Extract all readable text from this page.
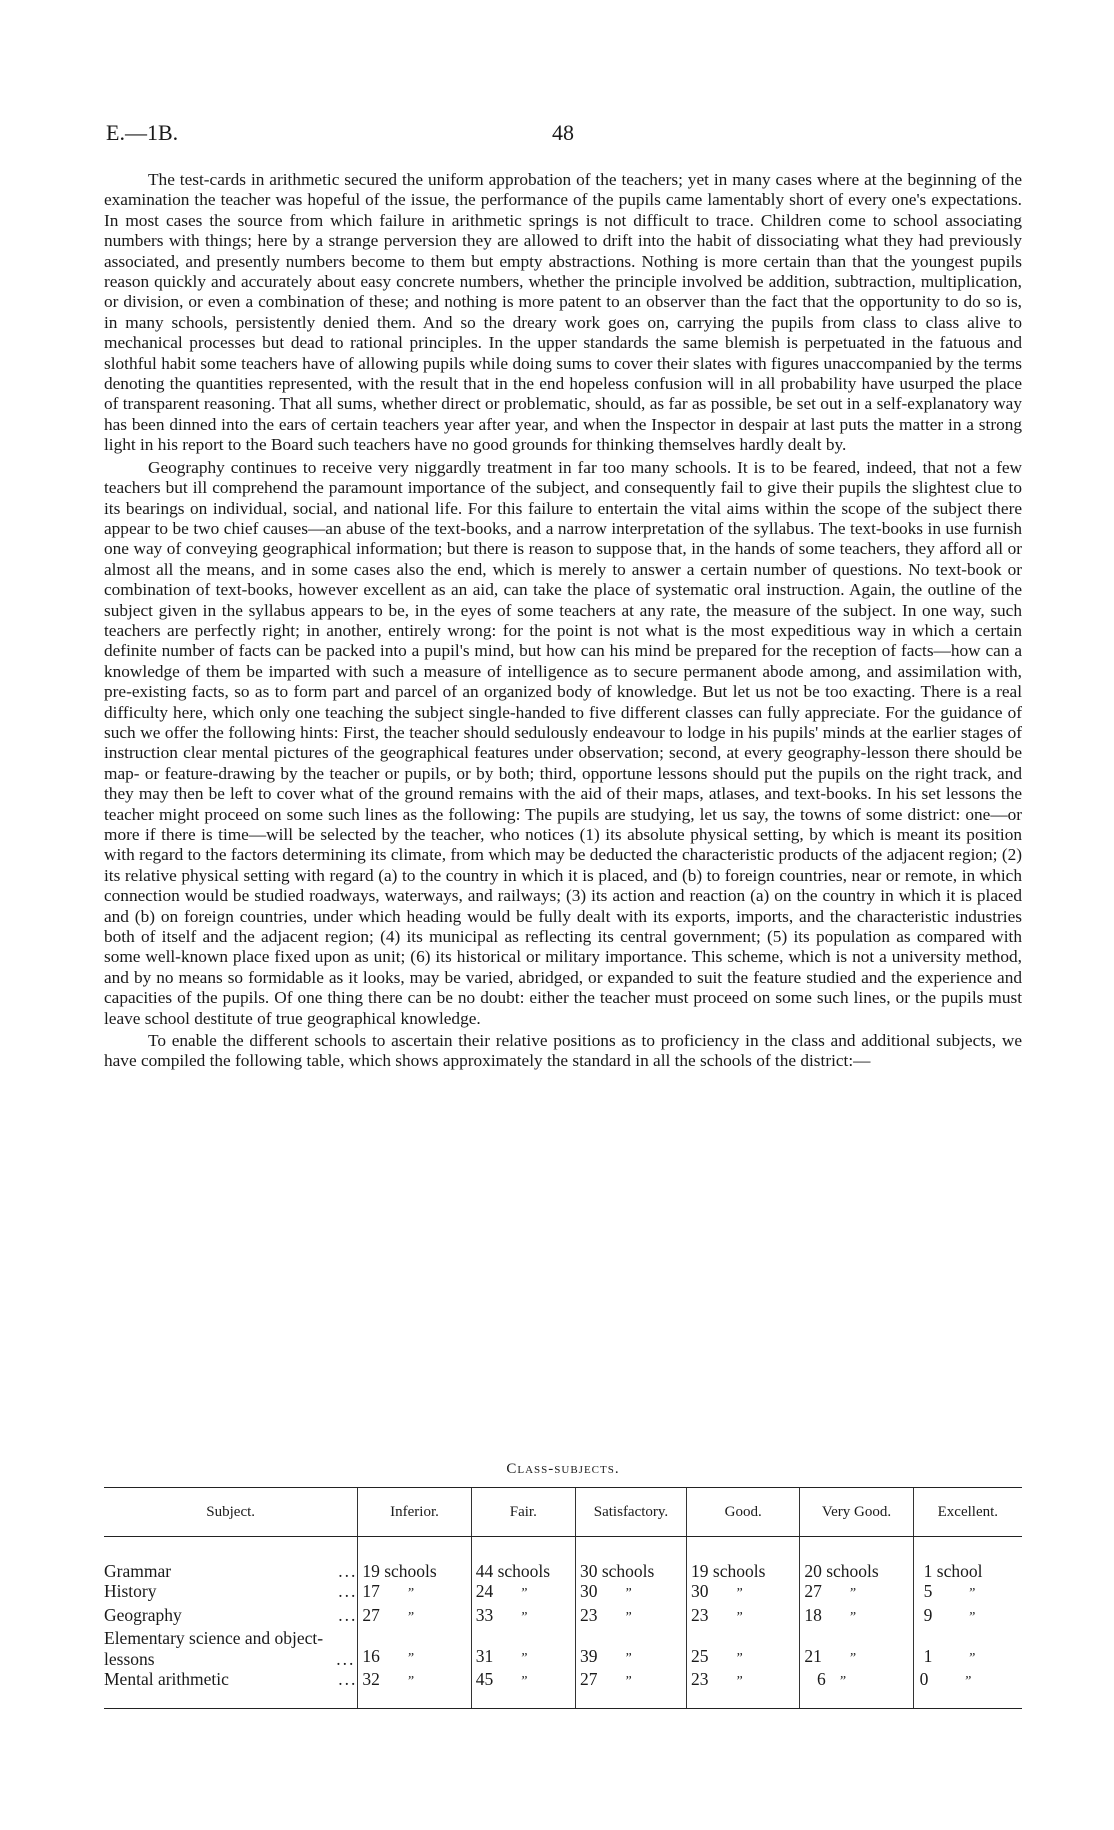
E.—1B.	48

The test-cards in arithmetic secured the uniform approbation of the teachers; yet in many cases where at the beginning of the examination the teacher was hopeful of the issue, the performance of the pupils came lamentably short of every one's expectations. In most cases the source from which failure in arithmetic springs is not difficult to trace. Children come to school associating numbers with things; here by a strange perversion they are allowed to drift into the habit of dissociating what they had previously associated, and presently numbers become to them but empty abstractions. Nothing is more certain than that the youngest pupils reason quickly and accurately about easy concrete numbers, whether the principle involved be addition, subtraction, multiplication, or division, or even a combination of these; and nothing is more patent to an observer than the fact that the opportunity to do so is, in many schools, persistently denied them. And so the dreary work goes on, carrying the pupils from class to class alive to mechanical processes but dead to rational principles. In the upper standards the same blemish is perpetuated in the fatuous and slothful habit some teachers have of allowing pupils while doing sums to cover their slates with figures unaccompanied by the terms denoting the quantities represented, with the result that in the end hopeless confusion will in all probability have usurped the place of transparent reasoning. That all sums, whether direct or problematic, should, as far as possible, be set out in a self-explanatory way has been dinned into the ears of certain teachers year after year, and when the Inspector in despair at last puts the matter in a strong light in his report to the Board such teachers have no good grounds for thinking themselves hardly dealt by.

Geography continues to receive very niggardly treatment in far too many schools. It is to be feared, indeed, that not a few teachers but ill comprehend the paramount importance of the subject, and consequently fail to give their pupils the slightest clue to its bearings on individual, social, and national life. For this failure to entertain the vital aims within the scope of the subject there appear to be two chief causes—an abuse of the text-books, and a narrow interpretation of the syllabus. The text-books in use furnish one way of conveying geographical information; but there is reason to suppose that, in the hands of some teachers, they afford all or almost all the means, and in some cases also the end, which is merely to answer a certain number of questions. No text-book or combination of text-books, however excellent as an aid, can take the place of systematic oral instruction. Again, the outline of the subject given in the syllabus appears to be, in the eyes of some teachers at any rate, the measure of the subject. In one way, such teachers are perfectly right; in another, entirely wrong: for the point is not what is the most expeditious way in which a certain definite number of facts can be packed into a pupil's mind, but how can his mind be prepared for the reception of facts—how can a knowledge of them be imparted with such a measure of intelligence as to secure permanent abode among, and assimilation with, pre-existing facts, so as to form part and parcel of an organized body of knowledge. But let us not be too exacting. There is a real difficulty here, which only one teaching the subject single-handed to five different classes can fully appreciate. For the guidance of such we offer the following hints: First, the teacher should sedulously endeavour to lodge in his pupils' minds at the earlier stages of instruction clear mental pictures of the geographical features under observation; second, at every geography-lesson there should be map- or feature-drawing by the teacher or pupils, or by both; third, opportune lessons should put the pupils on the right track, and they may then be left to cover what of the ground remains with the aid of their maps, atlases, and text-books. In his set lessons the teacher might proceed on some such lines as the following: The pupils are studying, let us say, the towns of some district: one—or more if there is time—will be selected by the teacher, who notices (1) its absolute physical setting, by which is meant its position with regard to the factors determining its climate, from which may be deducted the characteristic products of the adjacent region; (2) its relative physical setting with regard (a) to the country in which it is placed, and (b) to foreign countries, near or remote, in which connection would be studied roadways, waterways, and railways; (3) its action and reaction (a) on the country in which it is placed and (b) on foreign countries, under which heading would be fully dealt with its exports, imports, and the characteristic industries both of itself and the adjacent region; (4) its municipal as reflecting its central government; (5) its population as compared with some well-known place fixed upon as unit; (6) its historical or military importance. This scheme, which is not a university method, and by no means so formidable as it looks, may be varied, abridged, or expanded to suit the feature studied and the experience and capacities of the pupils. Of one thing there can be no doubt: either the teacher must proceed on some such lines, or the pupils must leave school destitute of true geographical knowledge.

To enable the different schools to ascertain their relative positions as to proficiency in the class and additional subjects, we have compiled the following table, which shows approximately the standard in all the schools of the district:—

Class-subjects.
Subject.	Inferior.	Fair.	Satisfactory.	Good.	Very Good.	Excellent.
Grammar ...	19 schools	44 schools	30 schools	19 schools	20 schools	1 school
History ...	17 ”	24 ”	30 ”	30 ”	27 ”	5 ”
Geography ...	27 ”	33 ”	23 ”	23 ”	18 ”	9 ”
Elementary science and object-lessons ...	16 ”	31 ”	39 ”	25 ”	21 ”	1 ”
Mental arithmetic ...	32 ”	45 ”	27 ”	23 ”	6 ”	0 ”
